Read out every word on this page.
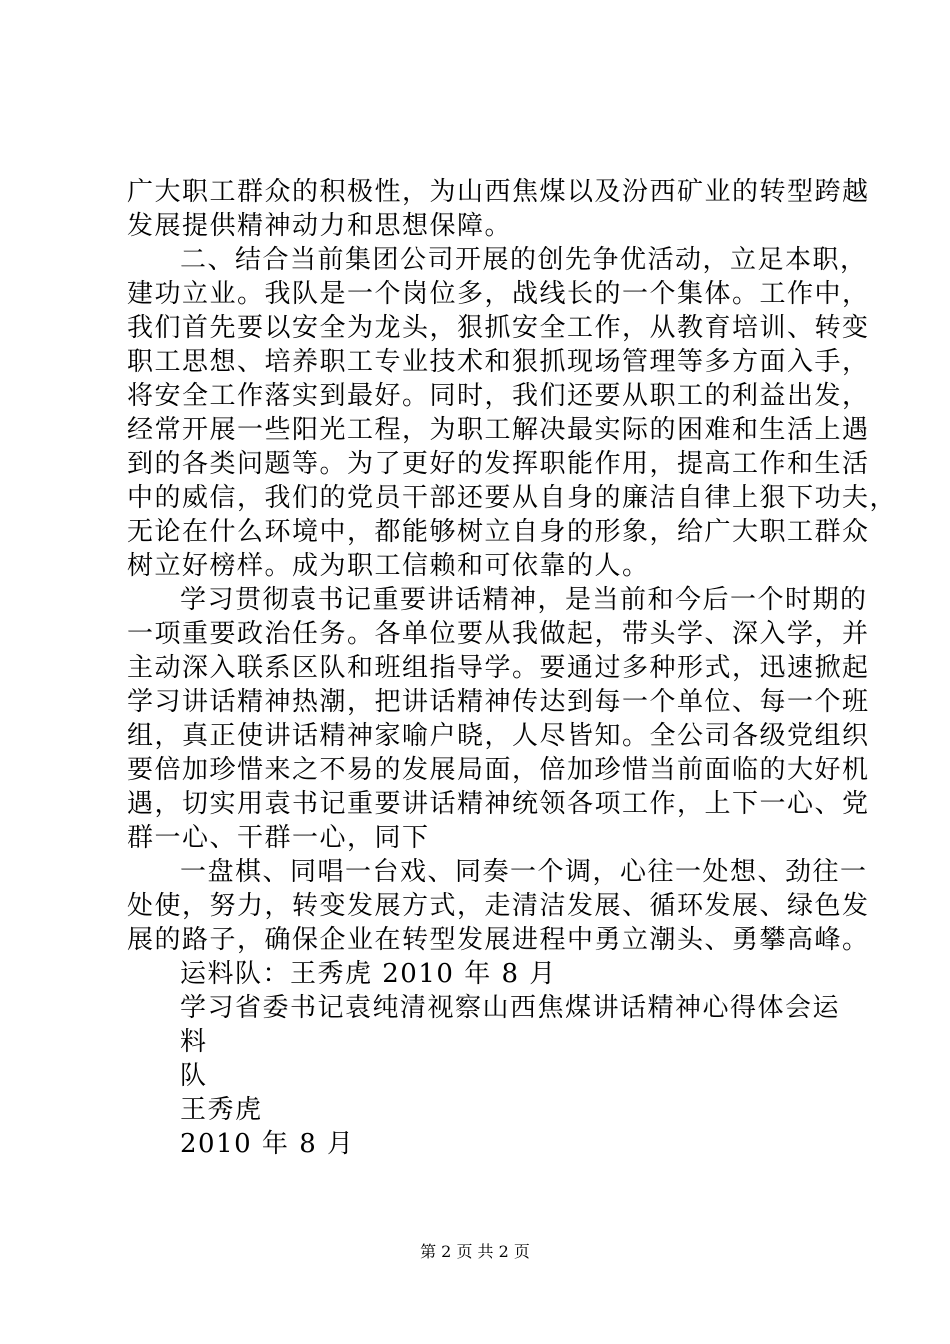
广大职工群众的积极性，为山西焦煤以及汾西矿业的转型跨越
发展提供精神动力和思想保障。
二、结合当前集团公司开展的创先争优活动，立足本职，
建功立业。我队是一个岗位多，战线长的一个集体。工作中，
我们首先要以安全为龙头，狠抓安全工作，从教育培训、转变
职工思想、培养职工专业技术和狠抓现场管理等多方面入手，
将安全工作落实到最好。同时，我们还要从职工的利益出发，
经常开展一些阳光工程，为职工解决最实际的困难和生活上遇
到的各类问题等。为了更好的发挥职能作用，提高工作和生活
中的威信，我们的党员干部还要从自身的廉洁自律上狠下功夫，
无论在什么环境中，都能够树立自身的形象，给广大职工群众
树立好榜样。成为职工信赖和可依靠的人。
学习贯彻袁书记重要讲话精神，是当前和今后一个时期的
一项重要政治任务。各单位要从我做起，带头学、深入学，并
主动深入联系区队和班组指导学。要通过多种形式，迅速掀起
学习讲话精神热潮，把讲话精神传达到每一个单位、每一个班
组，真正使讲话精神家喻户晓，人尽皆知。全公司各级党组织
要倍加珍惜来之不易的发展局面，倍加珍惜当前面临的大好机
遇，切实用袁书记重要讲话精神统领各项工作，上下一心、党
群一心、干群一心，同下
一盘棋、同唱一台戏、同奏一个调，心往一处想、劲往一
处使，努力，转变发展方式，走清洁发展、循环发展、绿色发
展的路子，确保企业在转型发展进程中勇立潮头、勇攀高峰。
运料队：王秀虎 2010 年 8 月
学习省委书记袁纯清视察山西焦煤讲话精神心得体会运
料
队
王秀虎
2010 年 8 月
第 2 页 共 2 页
